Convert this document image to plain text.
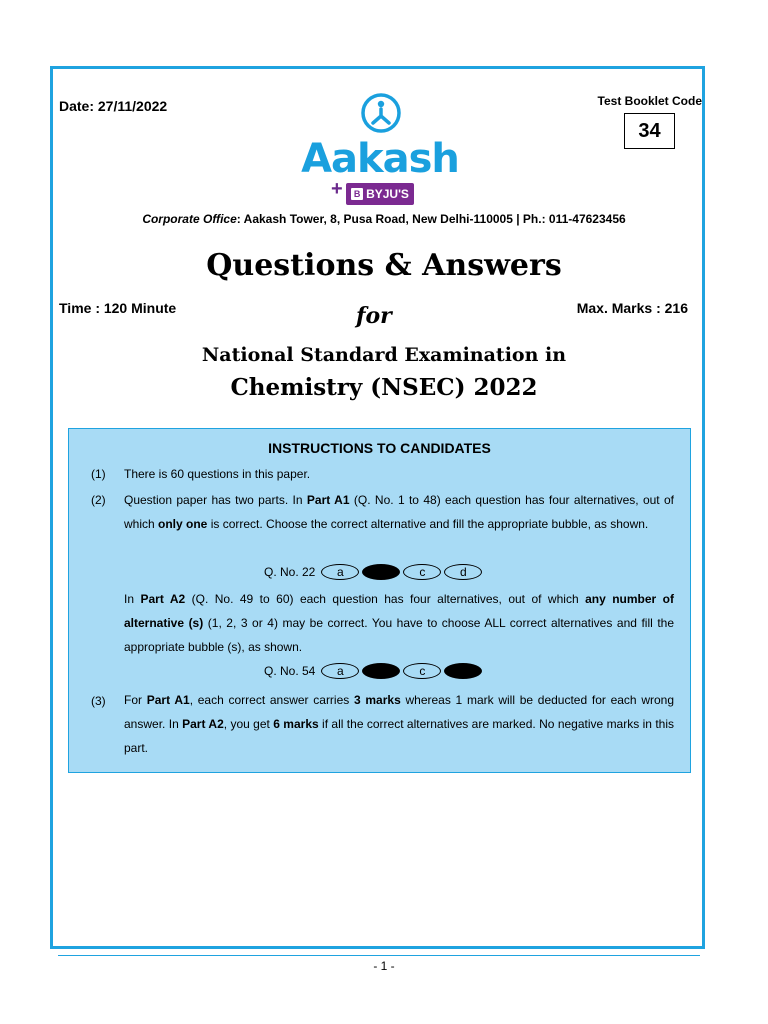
Date: 27/11/2022	Test Booklet Code
34
Aakash
+	B BYJU'S
Corporate Office: Aakash Tower, 8, Pusa Road, New Delhi-110005 | Ph.: 011-47623456
Questions & Answers
Time : 120 Minute	for	Max. Marks : 216
National Standard Examination in
Chemistry (NSEC) 2022
INSTRUCTIONS TO CANDIDATES
(1) There is 60 questions in this paper.
(2) Question paper has two parts. In Part A1 (Q. No. 1 to 48) each question has four alternatives, out of which only one is correct. Choose the correct alternative and fill the appropriate bubble, as shown.
Q. No. 22	a	c	d
In Part A2 (Q. No. 49 to 60) each question has four alternatives, out of which any number of alternative (s) (1, 2, 3 or 4) may be correct. You have to choose ALL correct alternatives and fill the appropriate bubble (s), as shown.
Q. No. 54	a	c
(3) For Part A1, each correct answer carries 3 marks whereas 1 mark will be deducted for each wrong answer. In Part A2, you get 6 marks if all the correct alternatives are marked. No negative marks in this part.
- 1 -
